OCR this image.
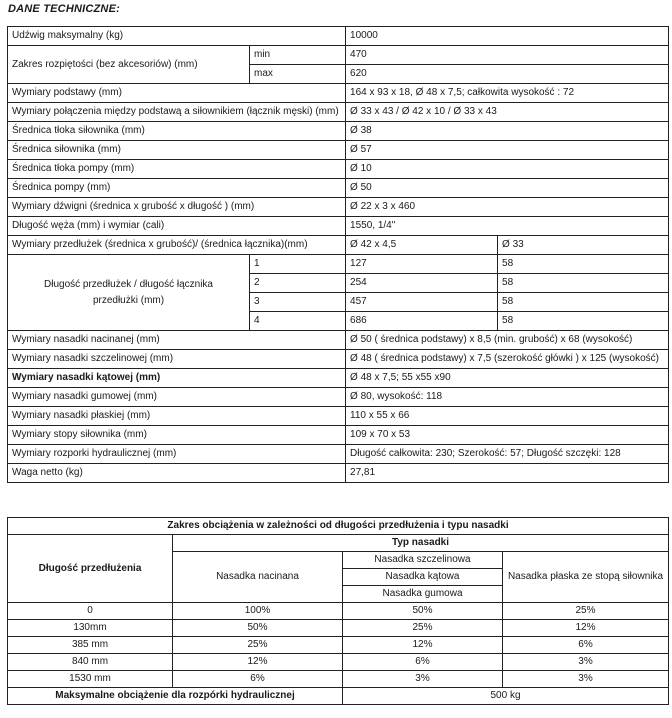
DANE TECHNICZNE:
Udźwig maksymalny (kg)		10000	
Zakres rozpiętości (bez akcesoriów) (mm)	min	470	
	max	620	
Wymiary podstawy (mm)		164 x 93 x 18, Ø 48 x 7,5; całkowita wysokość : 72	
Wymiary połączenia między podstawą a siłownikiem (łącznik męski) (mm)		Ø 33 x 43 / Ø 42 x 10 / Ø 33 x 43	
Średnica tłoka siłownika (mm)		Ø 38	
Średnica siłownika (mm)		Ø 57	
Średnica tłoka pompy (mm)		Ø 10	
Średnica pompy (mm)		Ø 50	
Wymiary dźwigni (średnica x grubość x długość ) (mm)		Ø 22 x 3 x 460	
Długość węża (mm) i wymiar (cali)		1550, 1/4"	
Wymiary przedłużek (średnica x grubość)/ (średnica łącznika)(mm)		Ø 42 x 4,5	Ø 33
Długość przedłużek / długość łącznika przedłużki (mm)	1	127	58
	2	254	58
	3	457	58
	4	686	58
Wymiary nasadki nacinanej (mm)		Ø 50 ( średnica podstawy) x 8,5 (min. grubość) x 68 (wysokość)	
Wymiary nasadki szczelinowej (mm)		Ø 48 ( średnica podstawy) x 7,5 (szerokość główki ) x 125 (wysokość)	
Wymiary nasadki kątowej (mm)		Ø 48 x 7,5; 55 x55 x90	
Wymiary nasadki gumowej (mm)		Ø 80, wysokość: 118	
Wymiary nasadki płaskiej (mm)		110 x 55 x 66	
Wymiary stopy siłownika (mm)		109 x 70 x 53	
Wymiary rozporki hydraulicznej (mm)		Długość całkowita: 230; Szerokość: 57; Długość szczęki: 128	
Waga netto (kg)		27,81	
Zakres obciążenia w zależności od długości przedłużenia i typu nasadki			
Długość przedłużenia	Typ nasadki		
	Nasadka nacinana	Nasadka szczelinowa	Nasadka płaska ze stopą siłownika
		Nasadka kątowa	
		Nasadka gumowa	
0	100%	50%	25%
130mm	50%	25%	12%
385 mm	25%	12%	6%
840 mm	12%	6%	3%
1530 mm	6%	3%	3%
Maksymalne obciążenie dla rozpórki hydraulicznej		500 kg	
